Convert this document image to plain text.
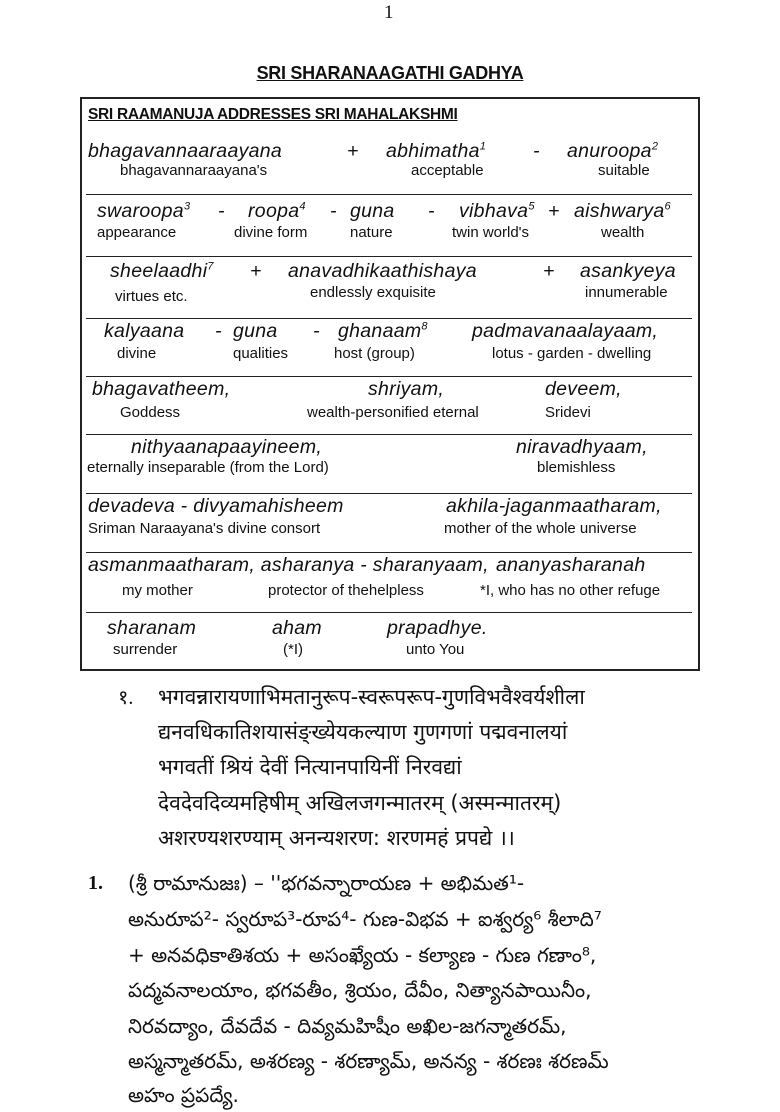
1
SRI SHARANAAGATHI GADHYA
SRI RAAMANUJA ADDRESSES SRI MAHALAKSHMI
bhagavannaaraayana	+ abhimatha$^1$ - anuroopa$^2$
bhagavannaraayana's	acceptable	suitable
swaroopa$^3$ - roopa$^4$ - guna - vibhava$^5$ + aishwarya$^6$
appearance	divine form	nature	twin world's	wealth
sheelaadhi$^7$ + anavadhikaathishaya	+ asankyeya
virtues etc.	endlessly exquisite	innumerable
kalyaana - guna - ghanaam$^8$ padmavanaalayaam,
divine	qualities	host (group)	lotus - garden - dwelling
bhagavatheem,	shriyam,	deveem,
Goddess	wealth-personified eternal	Sridevi
nithyaanapaayineem,	niravadhyaam,
eternally inseparable (from the Lord)	blemishless
devadeva - divyamahisheem	akhila-jaganmaatharam,
Sriman Naraayana's divine consort	mother of the whole universe
asmanmaatharam, asharanya - sharanyaam, ananyasharanah
my mother	protector of thehelpless	*I, who has no other refuge
sharanam	aham	prapadhye.
surrender	(*I)	unto You
१. भगवन्नारायणाभिमतानुरूप-स्वरूपरूप-गुणविभवैश्वर्यशीला
द्यनवधिकातिशयासंङ्ख्येयकल्याण गुणगणां पद्मवनालयां
भगवतीं श्रियं देवीं नित्यानपायिनीं निरवद्यां
देवदेवदिव्यमहिषीम् अखिलजगन्मातरम् (अस्मन्मातरम्)
अशरण्यशरण्याम् अनन्यशरण: शरणमहं प्रपद्ये ।।
1. (శ్రీ రామానుజః) – ''భగవన్నారాయణ + అభిమత¹-
అనురూప²- స్వరూప³-రూప⁴- గుణ-విభవ + ఐశ్వర్య⁶ శీలాది⁷
+ అనవధికాతిశయ + అసంఖ్యేయ - కల్యాణ - గుణ గణాం⁸,
పద్మవనాలయాం, భగవతీం, శ్రియం, దేవీం, నిత్యానపాయినీం,
నిరవద్యాం, దేవదేవ - దివ్యమహిషీం అఖిల-జగన్మాతరమ్,
అస్మన్మాతరమ్, అశరణ్య - శరణ్యామ్, అనన్య - శరణః శరణమ్
అహం ప్రపద్యే.
